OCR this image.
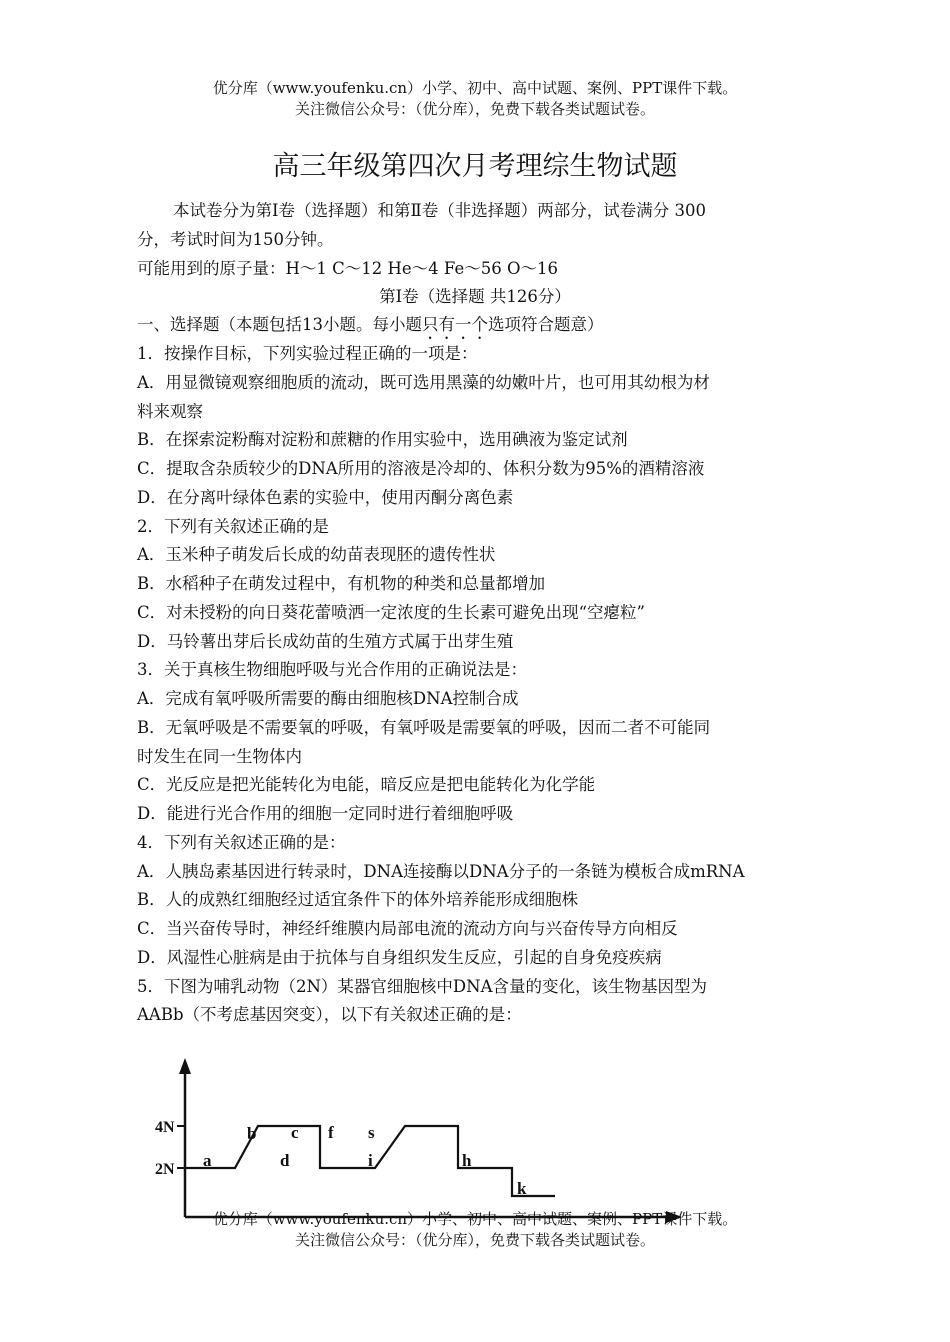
优分库（www.youfenku.cn）小学、初中、高中试题、案例、PPT课件下载。
关注微信公众号：（优分库），免费下载各类试题试卷。
高三年级第四次月考理综生物试题
本试卷分为第Ⅰ卷（选择题）和第Ⅱ卷（非选择题）两部分，试卷满分 300
分，考试时间为150分钟。
可能用到的原子量：H～1 C～12 He～4 Fe～56 O～16
第Ⅰ卷（选择题 共126分）
一、选择题（本题包括13小题。每小题只有一个选项符合题意）
1．按操作目标，下列实验过程正确的一项是：
A．用显微镜观察细胞质的流动，既可选用黑藻的幼嫩叶片，也可用其幼根为材
料来观察
B．在探索淀粉酶对淀粉和蔗糖的作用实验中，选用碘液为鉴定试剂
C．提取含杂质较少的DNA所用的溶液是冷却的、体积分数为95%的酒精溶液
D．在分离叶绿体色素的实验中，使用丙酮分离色素
2．下列有关叙述正确的是
A．玉米种子萌发后长成的幼苗表现胚的遗传性状
B．水稻种子在萌发过程中，有机物的种类和总量都增加
C．对未授粉的向日葵花蕾喷洒一定浓度的生长素可避免出现“空瘪粒”
D．马铃薯出芽后长成幼苗的生殖方式属于出芽生殖
3．关于真核生物细胞呼吸与光合作用的正确说法是：
A．完成有氧呼吸所需要的酶由细胞核DNA控制合成
B．无氧呼吸是不需要氧的呼吸，有氧呼吸是需要氧的呼吸，因而二者不可能同
时发生在同一生物体内
C．光反应是把光能转化为电能，暗反应是把电能转化为化学能
D．能进行光合作用的细胞一定同时进行着细胞呼吸
4．下列有关叙述正确的是：
A．人胰岛素基因进行转录时，DNA连接酶以DNA分子的一条链为模板合成mRNA
B．人的成熟红细胞经过适宜条件下的体外培养能形成细胞株
C．当兴奋传导时，神经纤维膜内局部电流的流动方向与兴奋传导方向相反
D．风湿性心脏病是由于抗体与自身组织发生反应，引起的自身免疫疾病
5．下图为哺乳动物（2N）某器官细胞核中DNA含量的变化，该生物基因型为
AABb（不考虑基因突变），以下有关叙述正确的是：
4N
2N a
b c
d
f s
i	h
k
优分库（www.youfenku.cn）小学、初中、高中试题、案例、PPT课件下载。
关注微信公众号：（优分库），免费下载各类试题试卷。
